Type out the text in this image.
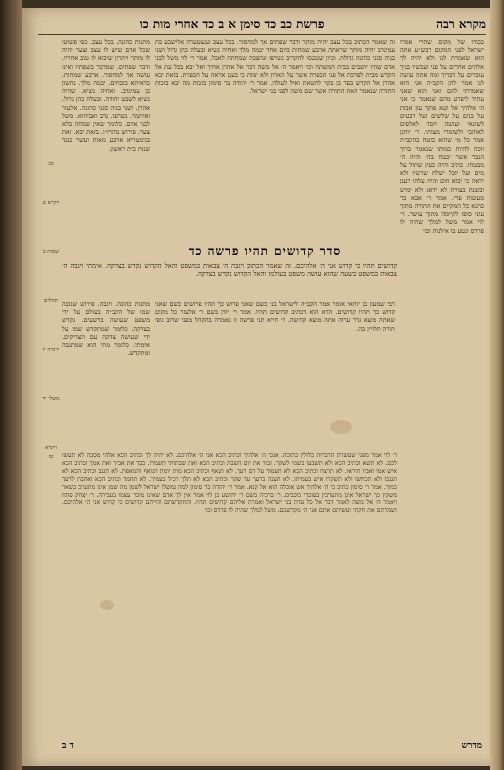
מקרא רבה
פרשת כב כד סימן א ב כד אחרי מות כו
כבודו של מקום שהרי אמרו ישראל לפני המקום רבש״ע אתה הוא שאמרת לנו ולא יהיה לך אלהים אחרים על פני ועכשיו בניך עוברים על דבריך ומה אתה עושה לנו אמר להן הקב״ה אני הוא שאמרתי להם ואני הוא שאני עתיד ליפרע מהם שנאמר כי אני ה׳ אלהיך אל קנא פוקד עון אבות על בנים על שלשים ועל רבעים לשונאי ועושה חסד לאלפים לאוהבי ולשומרי מצותי. ר׳ יוחנן אמר כל מי שהוא בוטח בהקב״ה זוכה להיות כמותו שנאמר ברוך הגבר אשר יבטח בה׳ והיה ה׳ מבטחו. כתיב והיה כעץ שתול על מים ועל יובל ישלח שרשיו ולא יראה כי יבוא חום והיה עלהו רענן ובשנת בצורת לא ידאג ולא ימיש מעשות פרי. אמר ר׳ אבא בר כהנא כל המקיים את התורה מתוך עוני סופו לקיימה מתוך עושר. ר׳ לוי אמר משל למלך שהיה לו פרדס ונטע בו אילנות וכו׳
זה שאמר הכתוב בכל עצב יהיה מותר ודבר שפתים אך למחסור. בכל עצב שנצטערה אלישבע בת עמינדב יהיה מותר שראתה ארבע שמחות ביום אחד יבמה מלך ואחיה נשיא ובעלה כהן גדול ושני בניה סגני כהונה גדולה. וכיון שנכנסו להקריב נשרפו ונהפכה שמחתה לאבל. אמר ר׳ לוי משל לבני אדם שהיו יושבים בבית המשתה וכו׳ ויאמר ה׳ אל משה דבר אל אהרן אחיך ואל יבא בכל עת אל הקדש מבית לפרכת אל פני הכפרת אשר על הארון ולא ימות כי בענן אראה על הכפרת. בזאת יבא אהרן אל הקדש בפר בן בקר לחטאת ואיל לעולה. אמר ר׳ יהודה בר סימון בזכות מה יבא בזכות התורה שנאמר וזאת התורה אשר שם משה לפני בני ישראל.
מתנות כהונה. בכל עצב. כפי פשוטו שכל אדם שיש לו עצב וצער יהיה לו מותר ויתרון שיבוא לו טוב אחריו. ודבר שפתים. שמדבר בשפתיו ואינו עושה אך למחסור. ארבע שמחות. כדאיתא בזבחים. יבמה מלך. נחשון בן עמינדב. ואחיה נשיא. שהיה נשיא לשבט יהודה. ובעלה כהן גדול. אהרן. ושני בניה סגני כהונה. אלעזר ואיתמר. נשרפו. נדב ואביהוא. משל לבני אדם. כלומר שאין שמחה בלא צער. פירוש מהרז״ו. בזאת יבא. זאת בגימטריא ארבע מאות ועשר כנגד שנות בית ראשון.
כב
ויקרא ט
שמות כ
תהלים
ירמיה יז
משלי יד
ויקרא טז
סדר קדושים תהיו פרשה כד
קדושים תהיו כי קדוש אני ה׳ אלהיכם. זה שאמר הכתוב ויגבה ה׳ צבאות במשפט והאל הקדוש נקדש בצדקה. אימתי ויגבה ה׳ צבאות במשפט בשעה שהוא עושה משפט בעולמו והאל הקדוש נקדש בצדקה.
מתנות כהונה. ויגבה. פירוש שגובה שמו של הקב״ה בעולם על ידי משפט שעושה ברשעים. נקדש בצדקה. כלומר שמתקדש שמו על ידי שעושה צדקה עם הצדיקים. אימתי. כלומר מתי הוא שמתגבה ומתקדש.
רבי שמעון בן יוחאי אומר אמר הקב״ה לישראל בני כשם שאני פרוש כך תהיו פרושים כשם שאני קדוש כך תהיו קדושים. הדא הוא דכתיב קדושים תהיו. אמר ר׳ יודן בשם ר׳ אלעזר כל מקום שאתה מוצא גדר ערוה אתה מוצא קדושה. ר׳ חייא תני פרשה זו נאמרה בהקהל מפני שרוב גופי תורה תלויין בה.
ר׳ לוי אמר מפני שעשרת הדברות כלולין בתוכה. אנכי ה׳ אלהיך וכתיב הכא אני ה׳ אלהיכם. לא יהיה לך וכתיב הכא אלהי מסכה לא תעשו לכם. לא תשא וכתיב הכא ולא תשבעו בשמי לשקר. זכור את יום השבת וכתיב הכא ואת שבתותי תשמרו. כבד את אביך ואת אמך וכתיב הכא איש אמו ואביו תיראו. לא תרצח וכתיב הכא לא תעמוד על דם רעך. לא תנאף וכתיב הכא מות יומת הנואף והנואפת. לא תגנב וכתיב הכא לא תגנבו ולא תכחשו ולא תשקרו איש בעמיתו. לא תענה ברעך עד שקר וכתיב הכא לא תלך רכיל בעמיך. לא תחמד וכתיב הכא ואהבת לרעך כמוך. אמר ר׳ סימון כתיב כי ה׳ אלהיך אש אוכלה הוא אל קנא. אמר ר׳ יהודה בר סימון למה נמשלו ישראל לשמן מה שמן אינו מתערב בשאר משקין כך ישראל אינן מתערבין בעובדי כוכבים. ר׳ ברכיה בשם ר׳ יהושע בן לוי אמר אין לך אדם שאינו מוכר עצמו בעבירה. ר׳ יצחק פתח ויאמר ה׳ אל משה לאמר דבר אל כל עדת בני ישראל ואמרת אליהם קדושים תהיו. והתקדשתם והייתם קדושים כי קדוש אני ה׳ אלהיכם. ושמרתם את חקתי ועשיתם אתם אני ה׳ מקדשכם. משל למלך שהיה לו פרדס וכו׳
מדרש
ד ב
